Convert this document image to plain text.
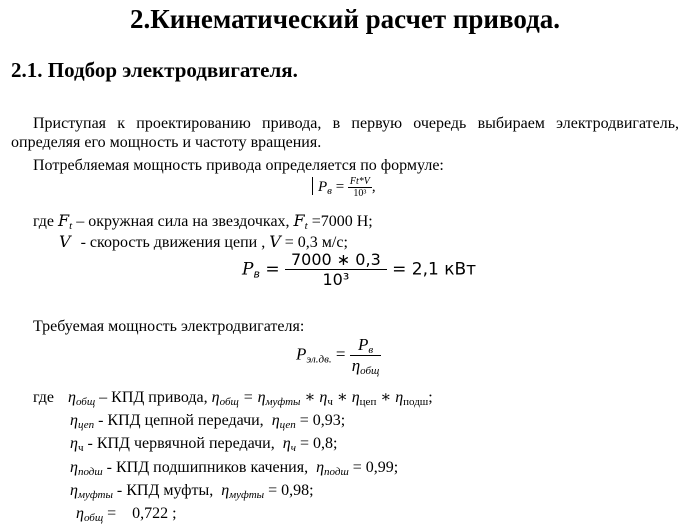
2.Кинематический расчет привода.
2.1. Подбор электродвигателя.
Приступая к проектированию привода, в первую очередь выбираем электродвигатель, определяя его мощность и частоту вращения.
Потребляемая мощность привода определяется по формуле:
$P_в = \frac{Ft*V}{\text{10³}}$ ,
где $F_t$ – окружная сила на звездочках, $F_t =7000$ Н;
V - скорость движения цепи , V = 0,3 м/с;
$P_в = \frac{7000 ∗ 0,3}{\text{10³}} = 2,1$ кВт
Требуемая мощность электродвигателя:
$P_{эл.дв.} = \frac{P_в}{\eta_{общ}}$
где $\eta_{общ}$ – КПД привода, $\eta_{общ} = \eta_{муфты}$ ∗ $\eta_ч$ ∗ $\eta_{цеп}$ ∗ $\eta_{подш}$;
$\eta_{цеп}$ - КПД цепной передачи, $\eta_{цеп} = 0,93$;
$\eta_ч$ - КПД червячной передачи, $\eta_ч = 0,8$;
$\eta_{подш}$ - КПД подшипников качения, $\eta_{подш} = 0,99$;
$\eta_{муфты}$ - КПД муфты, $\eta_{муфты} = 0,98$;
$\eta_{общ}$ =    0,722 ;
